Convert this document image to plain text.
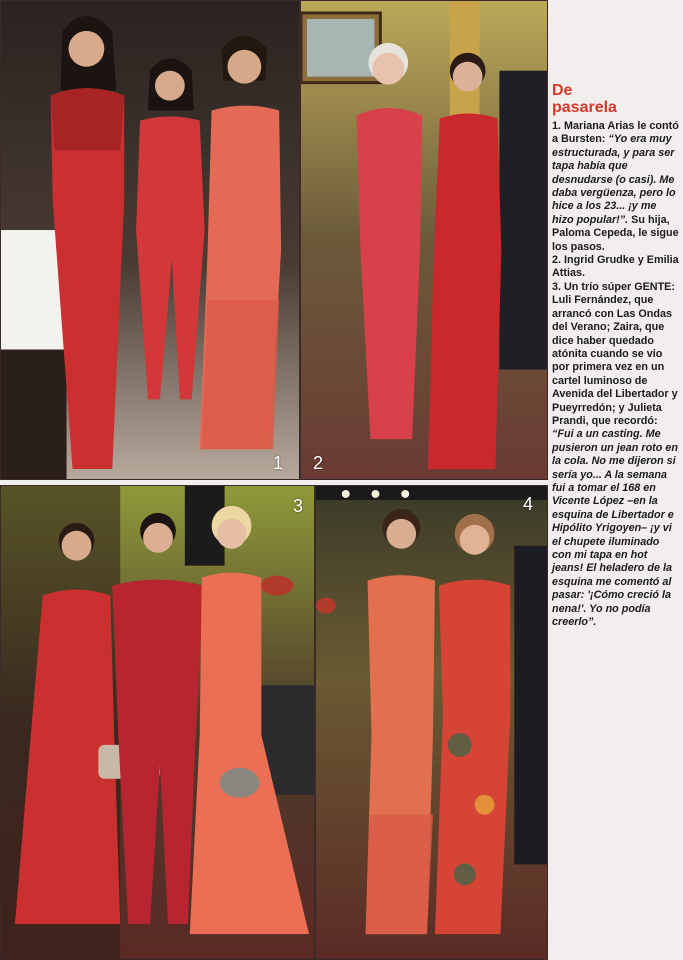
1 2
3	4
De
pasarela

1. Mariana Arias le contó a Bursten: “Yo era muy estructurada, y para ser tapa había que desnudarse (o casi). Me daba vergüenza, pero lo hice a los 23... ¡y me hizo popular!”. Su hija, Paloma Cepeda, le sigue los pasos.

2. Ingrid Grudke y Emilia Attias.

3. Un trío súper GENTE: Luli Fernández, que arrancó con Las Ondas del Verano; Zaira, que dice haber quedado atónita cuando se vio por primera vez en un cartel luminoso de Avenida del Libertador y Pueyrredón; y Julieta Prandi, que recordó: “Fui a un casting. Me pusieron un jean roto en la cola. No me dijeron si sería yo... A la semana fui a tomar el 168 en Vicente López –en la esquina de Libertador e Hipólito Yrigoyen– ¡y vi el chupete iluminado con mi tapa en hot jeans! El heladero de la esquina me comentó al pasar: '¡Cómo creció la nena!'. Yo no podía creerlo”.
